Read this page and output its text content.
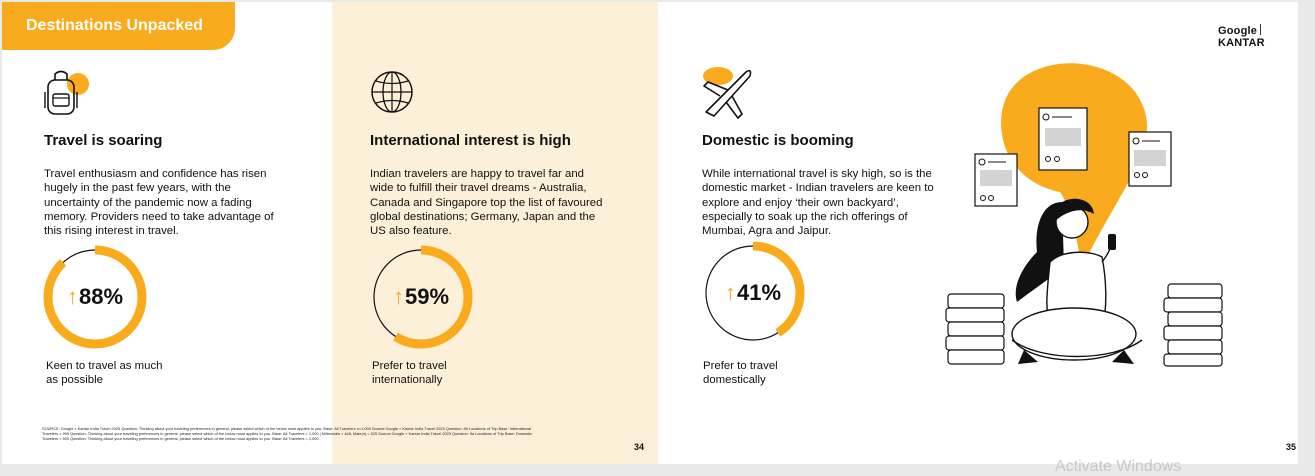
Destinations Unpacked	GoogleKANTAR
Travel is soaring

Travel enthusiasm and confidence has risen hugely in the past few years, with the uncertainty of the pandemic now a fading memory. Providers need to take advantage of this rising interest in travel.

International interest is high

Indian travelers are happy to travel far and wide to fulfill their travel dreams - Australia, Canada and Singapore top the list of favoured global destinations; Germany, Japan and the US also feature.

Domestic is booming

While international travel is sky high, so is the domestic market - Indian travelers are keen to explore and enjoy ‘their own backyard’, especially to soak up the rich offerings of Mumbai, Agra and Jaipur.

↑88%	↑59%	↑41%
Keen to travel as much as possible
Prefer to travel internationally
Prefer to travel domestically
SOURCE: Google × Kantar India Travel 2025 Question: Thinking about your traveling preferences in general, please select which of the below most applies to you. Base: All Travelers n=1,000 Source:Google × Kantar India Travel 2025 Question: 8b Locations of Trip Base: International Travelers = 999 Question: Thinking about your traveling preferences in general, please select which of the below most applies to you. Base: All Travelers = 1,000 | Millennials = 448, Male(n) = 525 Source:Google × Kantar India Travel 2025 Question: 5a Locations of Trip Base: Domestic Travelers = 500 Question: Thinking about your traveling preferences in general, please select which of the below most applies to you. Base: All Travelers = 1,000
34	35
Activate Windows
